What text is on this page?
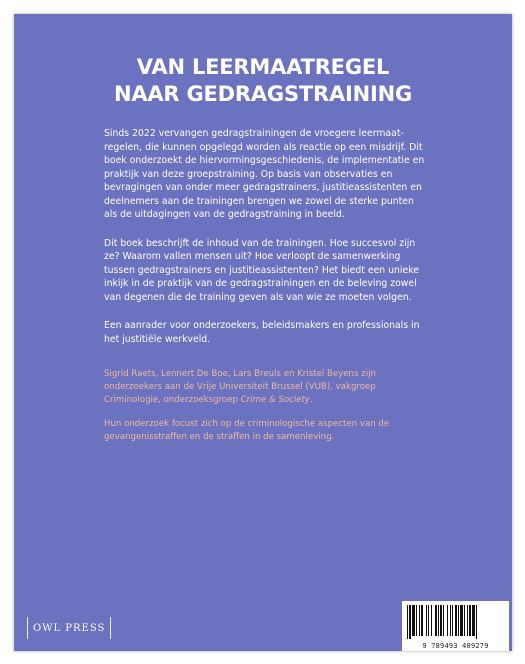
VAN LEERMAATREGEL
NAAR GEDRAGSTRAINING

Sinds 2022 vervangen gedragstrainingen de vroegere leermaat-regelen, die kunnen opgelegd worden als reactie op een misdrijf. Dit boek onderzoekt de hiervormingsgeschiedenis, de implementatie en praktijk van deze groepstraining. Op basis van observaties en bevragingen van onder meer gedragstrainers, justitieassistenten en deelnemers aan de trainingen brengen we zowel de sterke punten als de uitdagingen van de gedragstraining in beeld.

Dit boek beschrijft de inhoud van de trainingen. Hoe succesvol zijn ze? Waarom vallen mensen uit? Hoe verloopt de samenwerking tussen gedragstrainers en justitieassistenten? Het biedt een unieke inkijk in de praktijk van de gedragstrainingen en de beleving zowel van degenen die de training geven als van wie ze moeten volgen.

Een aanrader voor onderzoekers, beleidsmakers en professionals in het justitiële werkveld.

Sigrid Raets, Lennert De Boe, Lars Breuls en Kristel Beyens zijn onderzoekers aan de Vrije Universiteit Brussel (VUB), vakgroep Criminologie, onderzoeksgroep Crime & Society.

Hun onderzoek focust zich op de criminologische aspecten van de gevangenisstraffen en de straffen in de samenleving.

OWL PRESS
9 789493 409279
